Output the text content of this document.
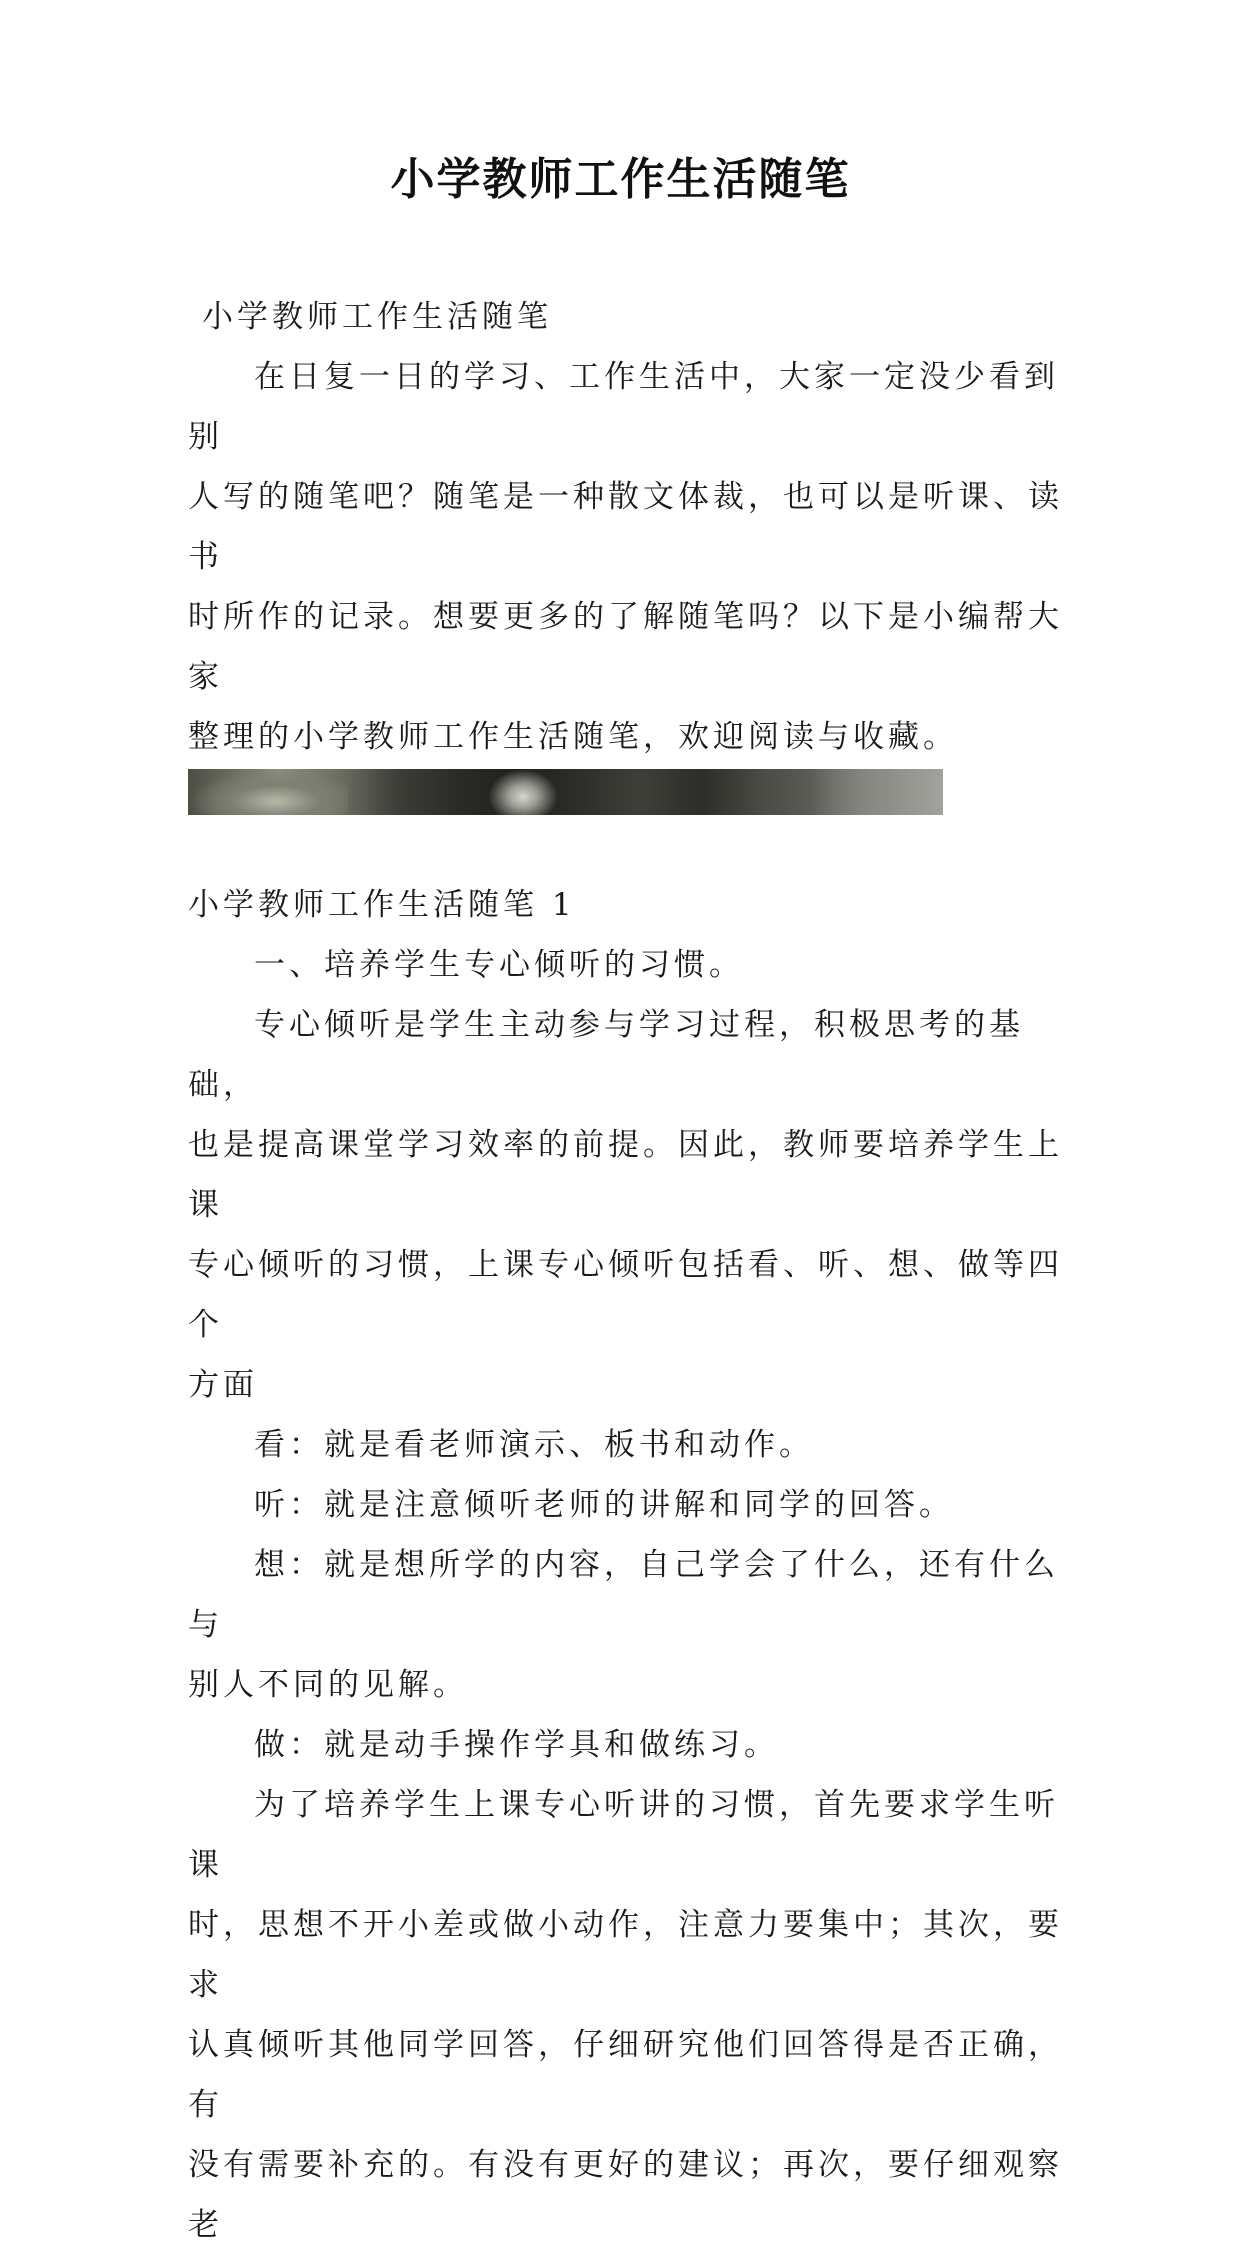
小学教师工作生活随笔

小学教师工作生活随笔

在日复一日的学习、工作生活中，大家一定没少看到别

人写的随笔吧？随笔是一种散文体裁，也可以是听课、读书

时所作的记录。想要更多的了解随笔吗？以下是小编帮大家

整理的小学教师工作生活随笔，欢迎阅读与收藏。

小学教师工作生活随笔 1

一、培养学生专心倾听的习惯。

专心倾听是学生主动参与学习过程，积极思考的基础，

也是提高课堂学习效率的前提。因此，教师要培养学生上课

专心倾听的习惯，上课专心倾听包括看、听、想、做等四个

方面

看：就是看老师演示、板书和动作。

听：就是注意倾听老师的讲解和同学的回答。

想：就是想所学的内容，自己学会了什么，还有什么与

别人不同的见解。

做：就是动手操作学具和做练习。

为了培养学生上课专心听讲的习惯，首先要求学生听课

时，思想不开小差或做小动作，注意力要集中；其次，要求

认真倾听其他同学回答，仔细研究他们回答得是否正确，有

没有需要补充的。有没有更好的建议；再次，要仔细观察老
